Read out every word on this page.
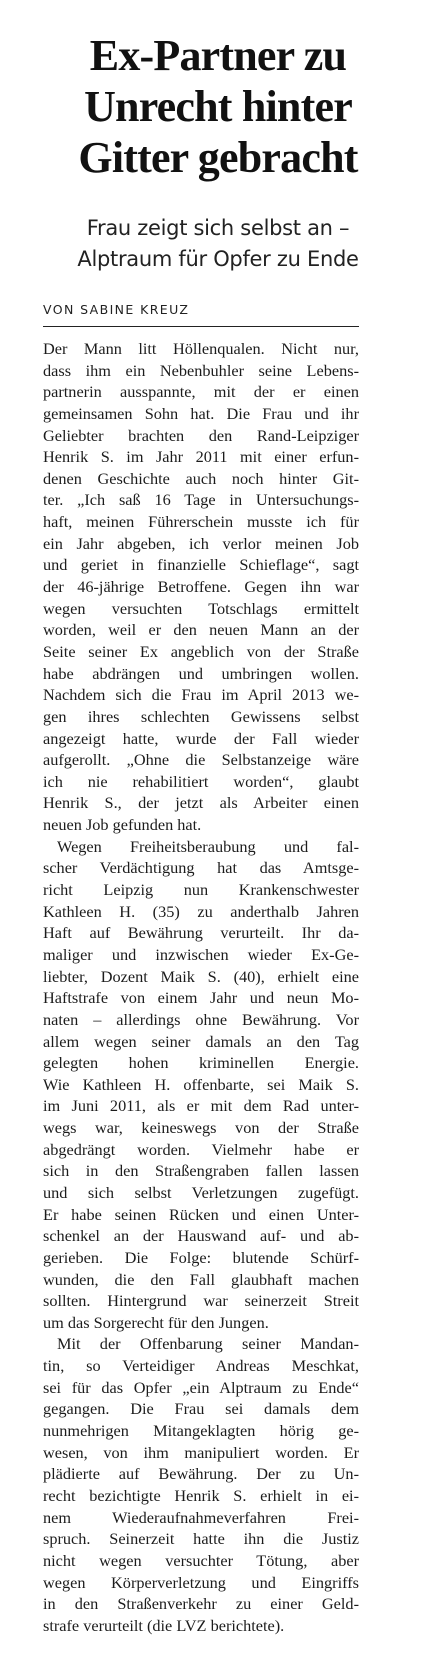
Ex-Partner zu
Unrecht hinter
Gitter gebracht
Frau zeigt sich selbst an –
Alptraum für Opfer zu Ende
VON SABINE KREUZ
Der Mann litt Höllenqualen. Nicht nur,
dass ihm ein Nebenbuhler seine Lebens-
partnerin ausspannte, mit der er einen
gemeinsamen Sohn hat. Die Frau und ihr
Geliebter brachten den Rand-Leipziger
Henrik S. im Jahr 2011 mit einer erfun-
denen Geschichte auch noch hinter Git-
ter. „Ich saß 16 Tage in Untersuchungs-
haft, meinen Führerschein musste ich für
ein Jahr abgeben, ich verlor meinen Job
und geriet in finanzielle Schieflage“, sagt
der 46-jährige Betroffene. Gegen ihn war
wegen versuchten Totschlags ermittelt
worden, weil er den neuen Mann an der
Seite seiner Ex angeblich von der Straße
habe abdrängen und umbringen wollen.
Nachdem sich die Frau im April 2013 we-
gen ihres schlechten Gewissens selbst
angezeigt hatte, wurde der Fall wieder
aufgerollt. „Ohne die Selbstanzeige wäre
ich nie rehabilitiert worden“, glaubt
Henrik S., der jetzt als Arbeiter einen
neuen Job gefunden hat.
Wegen Freiheitsberaubung und fal-
scher Verdächtigung hat das Amtsge-
richt Leipzig nun Krankenschwester
Kathleen H. (35) zu anderthalb Jahren
Haft auf Bewährung verurteilt. Ihr da-
maliger und inzwischen wieder Ex-Ge-
liebter, Dozent Maik S. (40), erhielt eine
Haftstrafe von einem Jahr und neun Mo-
naten – allerdings ohne Bewährung. Vor
allem wegen seiner damals an den Tag
gelegten hohen kriminellen Energie.
Wie Kathleen H. offenbarte, sei Maik S.
im Juni 2011, als er mit dem Rad unter-
wegs war, keineswegs von der Straße
abgedrängt worden. Vielmehr habe er
sich in den Straßengraben fallen lassen
und sich selbst Verletzungen zugefügt.
Er habe seinen Rücken und einen Unter-
schenkel an der Hauswand auf- und ab-
gerieben. Die Folge: blutende Schürf-
wunden, die den Fall glaubhaft machen
sollten. Hintergrund war seinerzeit Streit
um das Sorgerecht für den Jungen.
Mit der Offenbarung seiner Mandan-
tin, so Verteidiger Andreas Meschkat,
sei für das Opfer „ein Alptraum zu Ende“
gegangen. Die Frau sei damals dem
nunmehrigen Mitangeklagten hörig ge-
wesen, von ihm manipuliert worden. Er
plädierte auf Bewährung. Der zu Un-
recht bezichtigte Henrik S. erhielt in ei-
nem Wiederaufnahmeverfahren Frei-
spruch. Seinerzeit hatte ihn die Justiz
nicht wegen versuchter Tötung, aber
wegen Körperverletzung und Eingriffs
in den Straßenverkehr zu einer Geld-
strafe verurteilt (die LVZ berichtete).
